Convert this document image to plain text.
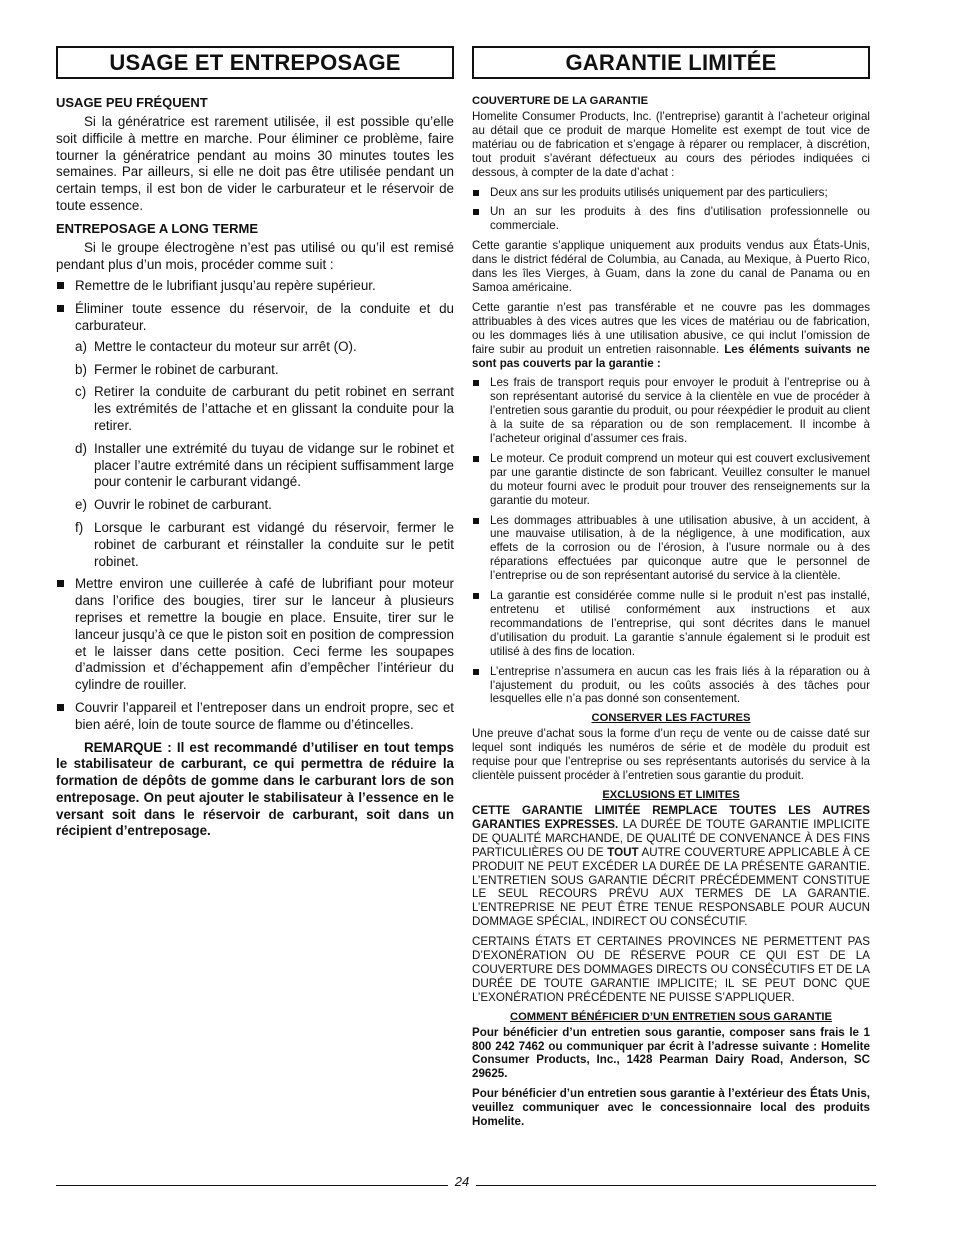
USAGE ET ENTREPOSAGE
USAGE PEU FRÉQUENT

Si la génératrice est rarement utilisée, il est possible qu’elle soit difficile à mettre en marche. Pour éliminer ce problème, faire tourner la génératrice pendant au moins 30 minutes toutes les semaines. Par ailleurs, si elle ne doit pas être utilisée pendant un certain temps, il est bon de vider le carburateur et le réservoir de toute essence.

ENTREPOSAGE A LONG TERME

Si le groupe électrogène n’est pas utilisé ou qu’il est remisé pendant plus d’un mois, procéder comme suit :

Remettre de le lubrifiant jusqu’au repère supérieur.
Éliminer toute essence du réservoir, de la conduite et du carburateur.
a) Mettre le contacteur du moteur sur arrêt (O).
b) Fermer le robinet de carburant.
c) Retirer la conduite de carburant du petit robinet en serrant les extrémités de l’attache et en glissant la conduite pour la retirer.
d) Installer une extrémité du tuyau de vidange sur le robinet et placer l’autre extrémité dans un récipient suffisamment large pour contenir le carburant vidangé.
e) Ouvrir le robinet de carburant.
f) Lorsque le carburant est vidangé du réservoir, fermer le robinet de carburant et réinstaller la conduite sur le petit robinet.
Mettre environ une cuillerée à café de lubrifiant pour moteur dans l’orifice des bougies, tirer sur le lanceur à plusieurs reprises et remettre la bougie en place. Ensuite, tirer sur le lanceur jusqu’à ce que le piston soit en position de compression et le laisser dans cette position. Ceci ferme les soupapes d’admission et d’échappement afin d’empêcher l’intérieur du cylindre de rouiller.
Couvrir l’appareil et l’entreposer dans un endroit propre, sec et bien aéré, loin de toute source de flamme ou d’étincelles.

REMARQUE : Il est recommandé d’utiliser en tout temps le stabilisateur de carburant, ce qui permettra de réduire la formation de dépôts de gomme dans le carburant lors de son entreposage. On peut ajouter le stabilisateur à l’essence en le versant soit dans le réservoir de carburant, soit dans un récipient d’entreposage.

GARANTIE LIMITÉE
COUVERTURE DE LA GARANTIE

Homelite Consumer Products, Inc. (l’entreprise) garantit à l’acheteur original au détail que ce produit de marque Homelite est exempt de tout vice de matériau ou de fabrication et s’engage à réparer ou remplacer, à discrétion, tout produit s’avérant défectueux au cours des périodes indiquées ci dessous, à compter de la date d’achat :

Deux ans sur les produits utilisés uniquement par des particuliers;
Un an sur les produits à des fins d’utilisation professionnelle ou commerciale.

Cette garantie s’applique uniquement aux produits vendus aux États-Unis, dans le district fédéral de Columbia, au Canada, au Mexique, à Puerto Rico, dans les îles Vierges, à Guam, dans la zone du canal de Panama ou en Samoa américaine.

Cette garantie n’est pas transférable et ne couvre pas les dommages attribuables à des vices autres que les vices de matériau ou de fabrication, ou les dommages liés à une utilisation abusive, ce qui inclut l’omission de faire subir au produit un entretien raisonnable. Les éléments suivants ne sont pas couverts par la garantie :

Les frais de transport requis pour envoyer le produit à l’entreprise ou à son représentant autorisé du service à la clientèle en vue de procéder à l’entretien sous garantie du produit, ou pour réexpédier le produit au client à la suite de sa réparation ou de son remplacement. Il incombe à l’acheteur original d’assumer ces frais.
Le moteur. Ce produit comprend un moteur qui est couvert exclusivement par une garantie distincte de son fabricant. Veuillez consulter le manuel du moteur fourni avec le produit pour trouver des renseignements sur la garantie du moteur.
Les dommages attribuables à une utilisation abusive, à un accident, à une mauvaise utilisation, à de la négligence, à une modification, aux effets de la corrosion ou de l’érosion, à l’usure normale ou à des réparations effectuées par quiconque autre que le personnel de l’entreprise ou de son représentant autorisé du service à la clientèle.
La garantie est considérée comme nulle si le produit n’est pas installé, entretenu et utilisé conformément aux instructions et aux recommandations de l’entreprise, qui sont décrites dans le manuel d’utilisation du produit. La garantie s’annule également si le produit est utilisé à des fins de location.
L’entreprise n’assumera en aucun cas les frais liés à la réparation ou à l’ajustement du produit, ou les coûts associés à des tâches pour lesquelles elle n’a pas donné son consentement.
CONSERVER LES FACTURES

Une preuve d’achat sous la forme d’un reçu de vente ou de caisse daté sur lequel sont indiqués les numéros de série et de modèle du produit est requise pour que l’entreprise ou ses représentants autorisés du service à la clientèle puissent procéder à l’entretien sous garantie du produit.

EXCLUSIONS ET LIMITES

CETTE GARANTIE LIMITÉE REMPLACE TOUTES LES AUTRES GARANTIES EXPRESSES. LA DURÉE DE TOUTE GARANTIE IMPLICITE DE QUALITÉ MARCHANDE, DE QUALITÉ DE CONVENANCE À DES FINS PARTICULIÈRES OU DE TOUT AUTRE COUVERTURE APPLICABLE À CE PRODUIT NE PEUT EXCÉDER LA DURÉE DE LA PRÉSENTE GARANTIE. L’ENTRETIEN SOUS GARANTIE DÉCRIT PRÉCÉDEMMENT CONSTITUE LE SEUL RECOURS PRÉVU AUX TERMES DE LA GARANTIE. L’ENTREPRISE NE PEUT ÊTRE TENUE RESPONSABLE POUR AUCUN DOMMAGE SPÉCIAL, INDIRECT OU CONSÉCUTIF.

CERTAINS ÉTATS ET CERTAINES PROVINCES NE PERMETTENT PAS D’EXONÉRATION OU DE RÉSERVE POUR CE QUI EST DE LA COUVERTURE DES DOMMAGES DIRECTS OU CONSÉCUTIFS ET DE LA DURÉE DE TOUTE GARANTIE IMPLICITE; IL SE PEUT DONC QUE L’EXONÉRATION PRÉCÉDENTE NE PUISSE S’APPLIQUER.

COMMENT BÉNÉFICIER D’UN ENTRETIEN SOUS GARANTIE

Pour bénéficier d’un entretien sous garantie, composer sans frais le 1 800 242 7462 ou communiquer par écrit à l’adresse suivante : Homelite Consumer Products, Inc., 1428 Pearman Dairy Road, Anderson, SC 29625.

Pour bénéficier d’un entretien sous garantie à l’extérieur des États Unis, veuillez communiquer avec le concessionnaire local des produits Homelite.

24
